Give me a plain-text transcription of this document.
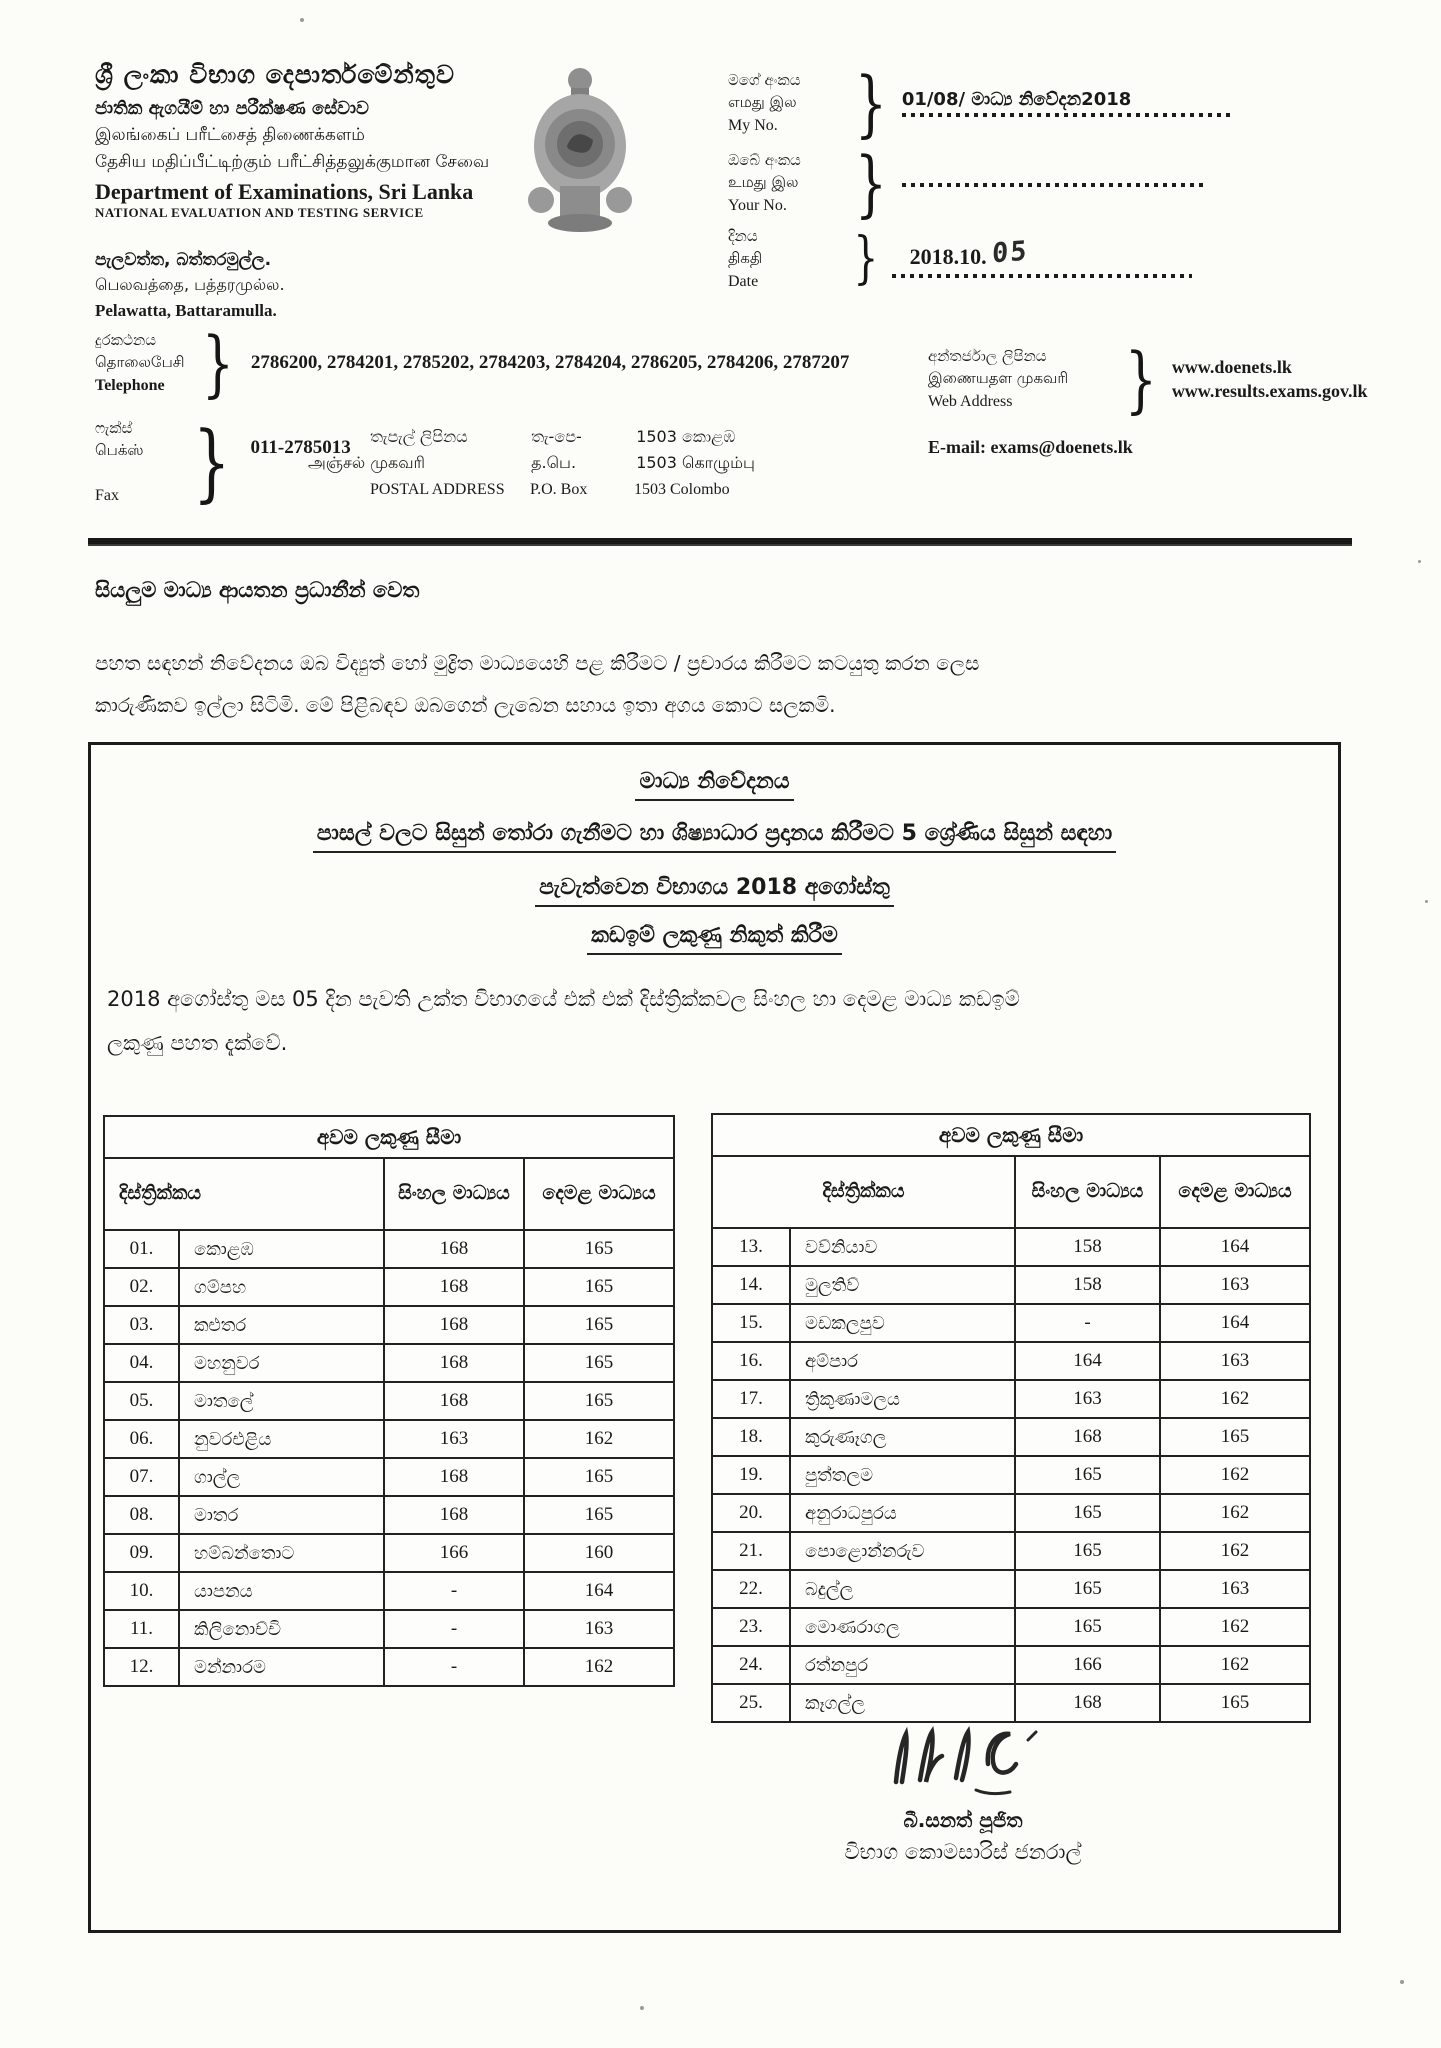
ශ්‍රී ලංකා විභාග දෙපාර්තමේන්තුව
ජාතික ඇගයීම් හා පරීක්ෂණ සේවාව
இலங்கைப் பரீட்சைத் திணைக்களம்
தேசிய மதிப்பீட்டிற்கும் பரீட்சித்தலுக்குமான சேவை
Department of Examinations, Sri Lanka
NATIONAL EVALUATION AND TESTING SERVICE
පැලවත්ත, බත්තරමුල්ල.
பெலவத்தை, பத்தரமுல்ல.
Pelawatta, Battaramulla.
මගේ අංකය
எமது இல
My No.	} 01/08/ මාධ්‍ය නිවේදන2018
ඔබේ අංකය
உமது இல
Your No. }
දිනය
திகதி
Date	}	2018.10. 05
දුරකථනය
தொலைபேசி
Telephone } 2786200, 2784201, 2785202, 2784203, 2784204, 2786205, 2784206, 2787207	අන්තර්ජාල ලිපිනය
இணையதள முகவரி
Web Address	} www.doenets.lk
www.results.exams.gov.lk
ෆැක්ස්
பெக்ஸ்
Fax } 011-2785013
තැපැල් ලිපිනය	තැ-පෙ-	1503 කොළඹ
அஞ்சல் முகவரி	த.பெ.	1503 கொழும்பு
POSTAL ADDRESS P.O. Box	1503 Colombo
E-mail: exams@doenets.lk
සියලුම මාධ්‍ය ආයතන ප්‍රධානීන් වෙත
පහත සඳහන් නිවේදනය ඔබ විද්‍යුත් හෝ මුද්‍රිත මාධ්‍යයෙහි පළ කිරීමට / ප්‍රචාරය කිරීමට කටයුතු කරන ලෙස කාරුණිකව ඉල්ලා සිටිමි. මේ පිළිබඳව ඔබගෙන් ලැබෙන සහාය ඉතා අගය කොට සලකමි.
මාධ්‍ය නිවේදනය
පාසල් වලට සිසුන් තෝරා ගැනීමට හා ශිෂ්‍යාධාර ප්‍රදානය කිරීමට 5 ශ්‍රේණිය සිසුන් සඳහා
පැවැත්වෙන විභාගය 2018 අගෝස්තු
කඩඉම් ලකුණු නිකුත් කිරීම
2018 අගෝස්තු මස 05 දින පැවති උක්ත විභාගයේ එක් එක් දිස්ත්‍රික්කවල සිංහල හා දෙමළ මාධ්‍ය කඩඉම් ලකුණු පහත දැක්වේ.
අවම ලකුණු සීමා			
දිස්ත්‍රික්කය		සිංහල මාධ්‍යය	දෙමළ මාධ්‍යය
01.	කොළඹ	168	165
02.	ගම්පහ	168	165
03.	කළුතර	168	165
04.	මහනුවර	168	165
05.	මාතලේ	168	165
06.	නුවරඑළිය	163	162
07.	ගාල්ල	168	165
08.	මාතර	168	165
09.	හම්බන්තොට	166	160
10.	යාපනය	-	164
11.	කිලිනොච්චි	-	163
12.	මන්නාරම	-	162
අවම ලකුණු සීමා			
දිස්ත්‍රික්කය		සිංහල මාධ්‍යය	දෙමළ මාධ්‍යය
13.	වව්නියාව	158	164
14.	මුලතිව්	158	163
15.	මඩකලපුව	-	164
16.	අම්පාර	164	163
17.	ත්‍රිකුණාමලය	163	162
18.	කුරුණෑගල	168	165
19.	පුත්තලම	165	162
20.	අනුරාධපුරය	165	162
21.	පොළොන්නරුව	165	162
22.	බදුල්ල	165	163
23.	මොණරාගල	165	162
24.	රත්නපුර	166	162
25.	කෑගල්ල	168	165
බී.සනත් පූජිත
විභාග කොමසාරිස් ජනරාල්
